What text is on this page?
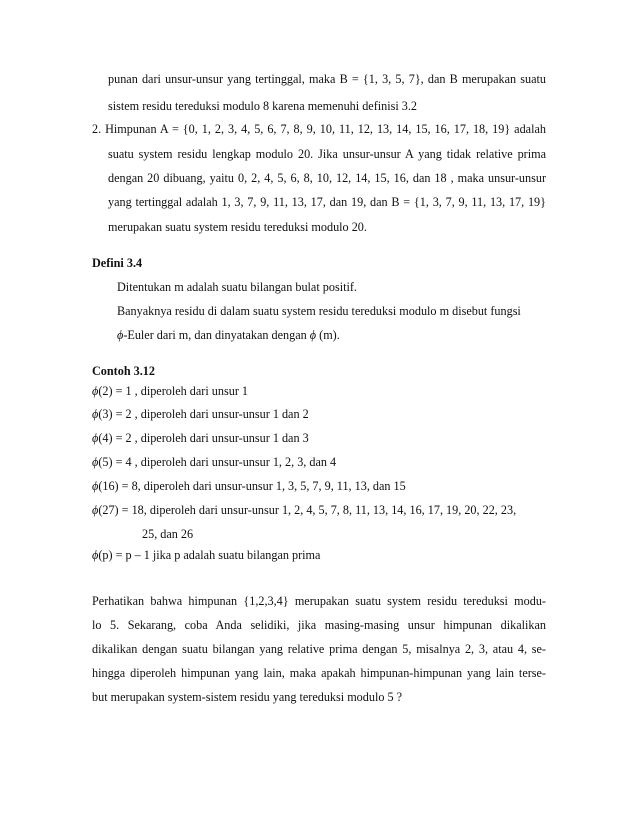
punan dari unsur-unsur yang tertinggal, maka B = {1, 3, 5, 7}, dan B merupakan suatu
sistem residu tereduksi modulo 8 karena memenuhi definisi 3.2
2. Himpunan A = {0, 1, 2, 3, 4, 5, 6, 7, 8, 9, 10, 11, 12, 13, 14, 15, 16, 17, 18, 19} adalah
suatu system residu lengkap modulo 20. Jika unsur-unsur A yang tidak relative prima
dengan 20 dibuang, yaitu 0, 2, 4, 5, 6, 8, 10, 12, 14, 15, 16, dan 18 , maka unsur-unsur
yang tertinggal adalah 1, 3, 7, 9, 11, 13, 17, dan 19, dan B = {1, 3, 7, 9, 11, 13, 17, 19}
merupakan suatu system residu tereduksi modulo 20.
Defini 3.4
Ditentukan m adalah suatu bilangan bulat positif.
Banyaknya residu di dalam suatu system residu tereduksi modulo m disebut fungsi
ϕ-Euler dari m, dan dinyatakan dengan ϕ (m).
Contoh 3.12
ϕ(2) = 1 , diperoleh dari unsur 1
ϕ(3) = 2 , diperoleh dari unsur-unsur 1 dan 2
ϕ(4) = 2 , diperoleh dari unsur-unsur 1 dan 3
ϕ(5) = 4 , diperoleh dari unsur-unsur 1, 2, 3, dan 4
ϕ(16) = 8, diperoleh dari unsur-unsur 1, 3, 5, 7, 9, 11, 13, dan 15
ϕ(27) = 18, diperoleh dari unsur-unsur 1, 2, 4, 5, 7, 8, 11, 13, 14, 16, 17, 19, 20, 22, 23,
25, dan 26
ϕ(p) = p – 1 jika p adalah suatu bilangan prima
Perhatikan bahwa himpunan {1,2,3,4} merupakan suatu system residu tereduksi modu-
lo 5. Sekarang, coba Anda selidiki, jika masing-masing unsur himpunan dikalikan
dikalikan dengan suatu bilangan yang relative prima dengan 5, misalnya 2, 3, atau 4, se-
hingga diperoleh himpunan yang lain, maka apakah himpunan-himpunan yang lain terse-
but merupakan system-sistem residu yang tereduksi modulo 5 ?
